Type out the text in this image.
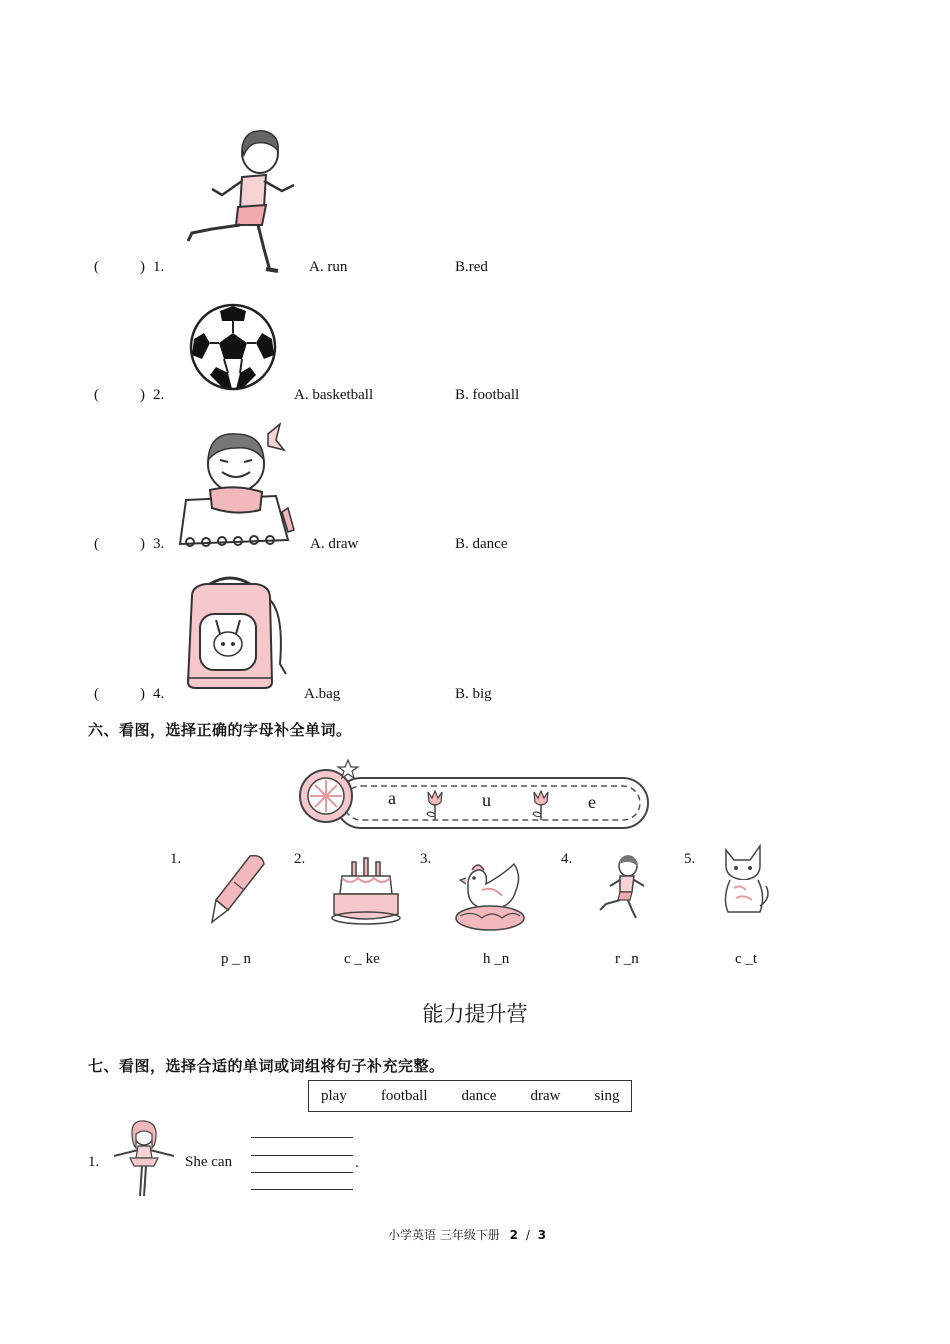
(	) 1.	A. run	B.red
(	) 2.	A. basketball	B. football
(	) 3.	A. draw	B. dance
(	) 4.	A.bag	B. big
六、看图，选择正确的字母补全单词。
a	u	e
1.	2.	3.	4.	5.
p _ n	c _ ke	h _n	r _n	c _t
能力提升营
七、看图，选择合适的单词或词组将句子补充完整。
play	football	dance	draw	sing
1.	She can	.
小学英语 三年级下册 2 / 3
